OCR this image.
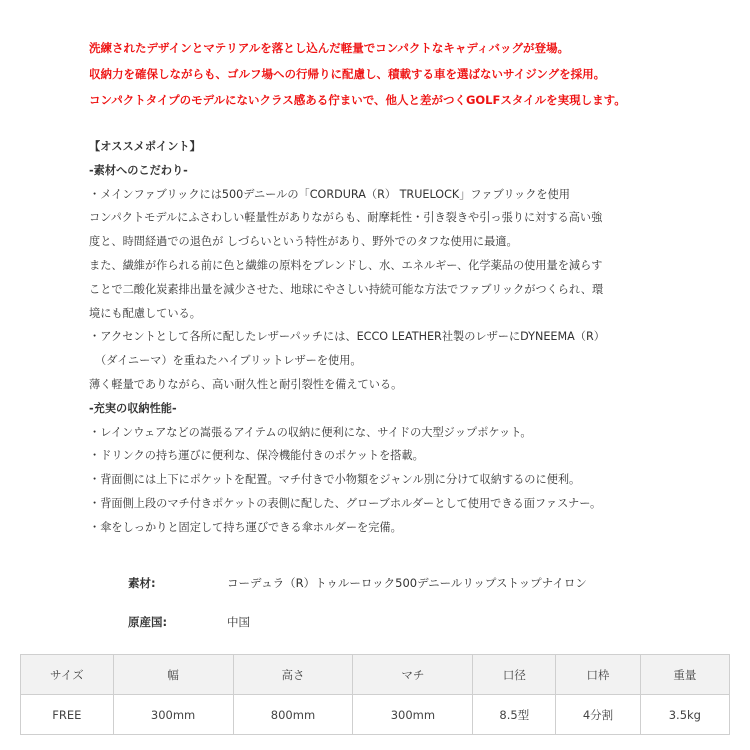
洗練されたデザインとマテリアルを落とし込んだ軽量でコンパクトなキャディバッグが登場。

収納力を確保しながらも、ゴルフ場への行帰りに配慮し、積載する車を選ばないサイジングを採用。

コンパクトタイプのモデルにないクラス感ある佇まいで、他人と差がつくGOLFスタイルを実現します。

【オススメポイント】

-素材へのこだわり-

・メインファブリックには500デニールの「CORDURA（R） TRUELOCK」ファブリックを使用

コンパクトモデルにふさわしい軽量性がありながらも、耐摩耗性・引き裂きや引っ張りに対する高い強

度と、時間経過での退色が しづらいという特性があり、野外でのタフな使用に最適。

また、繊維が作られる前に色と繊維の原料をブレンドし、水、エネルギー、化学薬品の使用量を減らす

ことで二酸化炭素排出量を減少させた、地球にやさしい持続可能な方法でファブリックがつくられ、環

境にも配慮している。

・アクセントとして各所に配したレザーパッチには、ECCO LEATHER社製のレザーにDYNEEMA（R）

（ダイニーマ）を重ねたハイブリットレザーを使用。

薄く軽量でありながら、高い耐久性と耐引裂性を備えている。

-充実の収納性能-

・レインウェアなどの嵩張るアイテムの収納に便利にな、サイドの大型ジップポケット。

・ドリンクの持ち運びに便利な、保冷機能付きのポケットを搭載。

・背面側には上下にポケットを配置。マチ付きで小物類をジャンル別に分けて収納するのに便利。

・背面側上段のマチ付きポケットの表側に配した、グローブホルダーとして使用できる面ファスナー。

・傘をしっかりと固定して持ち運びできる傘ホルダーを完備。

素材:	コーデュラ（R）トゥルーロック500デニールリップストップナイロン
原産国:	中国
サイズ	幅	高さ	マチ	口径	口枠	重量
FREE	300mm	800mm	300mm	8.5型	4分割	3.5kg
